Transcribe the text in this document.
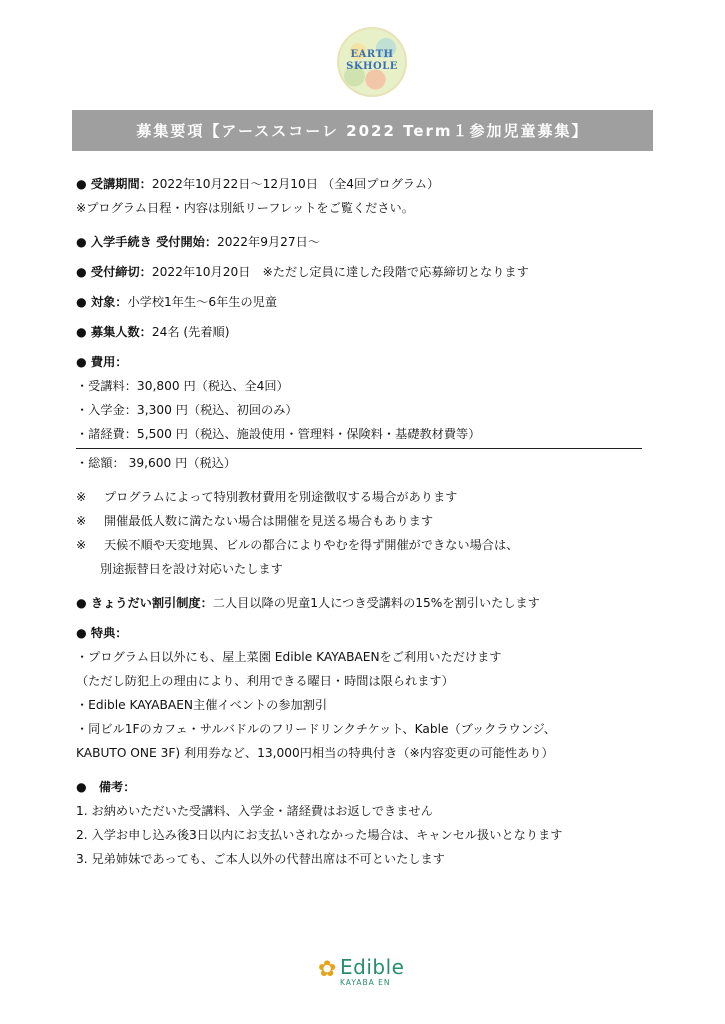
EARTH
SKHOLE
募集要項【アーススコーレ 2022 Term１参加児童募集】
● 受講期間：2022年10月22日～12月10日 （全4回プログラム）
※プログラム日程・内容は別紙リーフレットをご覧ください。
● 入学手続き 受付開始：2022年9月27日～
● 受付締切：2022年10月20日　※ただし定員に達した段階で応募締切となります
● 対象：小学校1年生～6年生の児童
● 募集人数：24名 (先着順)
● 費用：
・受講料：30,800 円（税込、全4回）
・入学金：3,300 円（税込、初回のみ）
・諸経費：5,500 円（税込、施設使用・管理料・保険料・基礎教材費等）
・総額： 39,600 円（税込）
※ プログラムによって特別教材費用を別途徴収する場合があります
※ 開催最低人数に満たない場合は開催を見送る場合もあります
※ 天候不順や天変地異、ビルの都合によりやむを得ず開催ができない場合は、
別途振替日を設け対応いたします
● きょうだい割引制度：二人目以降の児童1人につき受講料の15%を割引いたします
● 特典：
・プログラム日以外にも、屋上菜園 Edible KAYABAENをご利用いただけます
（ただし防犯上の理由により、利用できる曜日・時間は限られます）
・Edible KAYABAEN主催イベントの参加割引
・同ビル1Fのカフェ・サルバドルのフリードリンクチケット、Kable（ブックラウンジ、
KABUTO ONE 3F) 利用券など、13,000円相当の特典付き（※内容変更の可能性あり）
●　備考：
1. お納めいただいた受講料、入学金・諸経費はお返しできません
2. 入学お申し込み後3日以内にお支払いされなかった場合は、キャンセル扱いとなります
3. 兄弟姉妹であっても、ご本人以外の代替出席は不可といたします
✿ Edible
KAYABA EN
